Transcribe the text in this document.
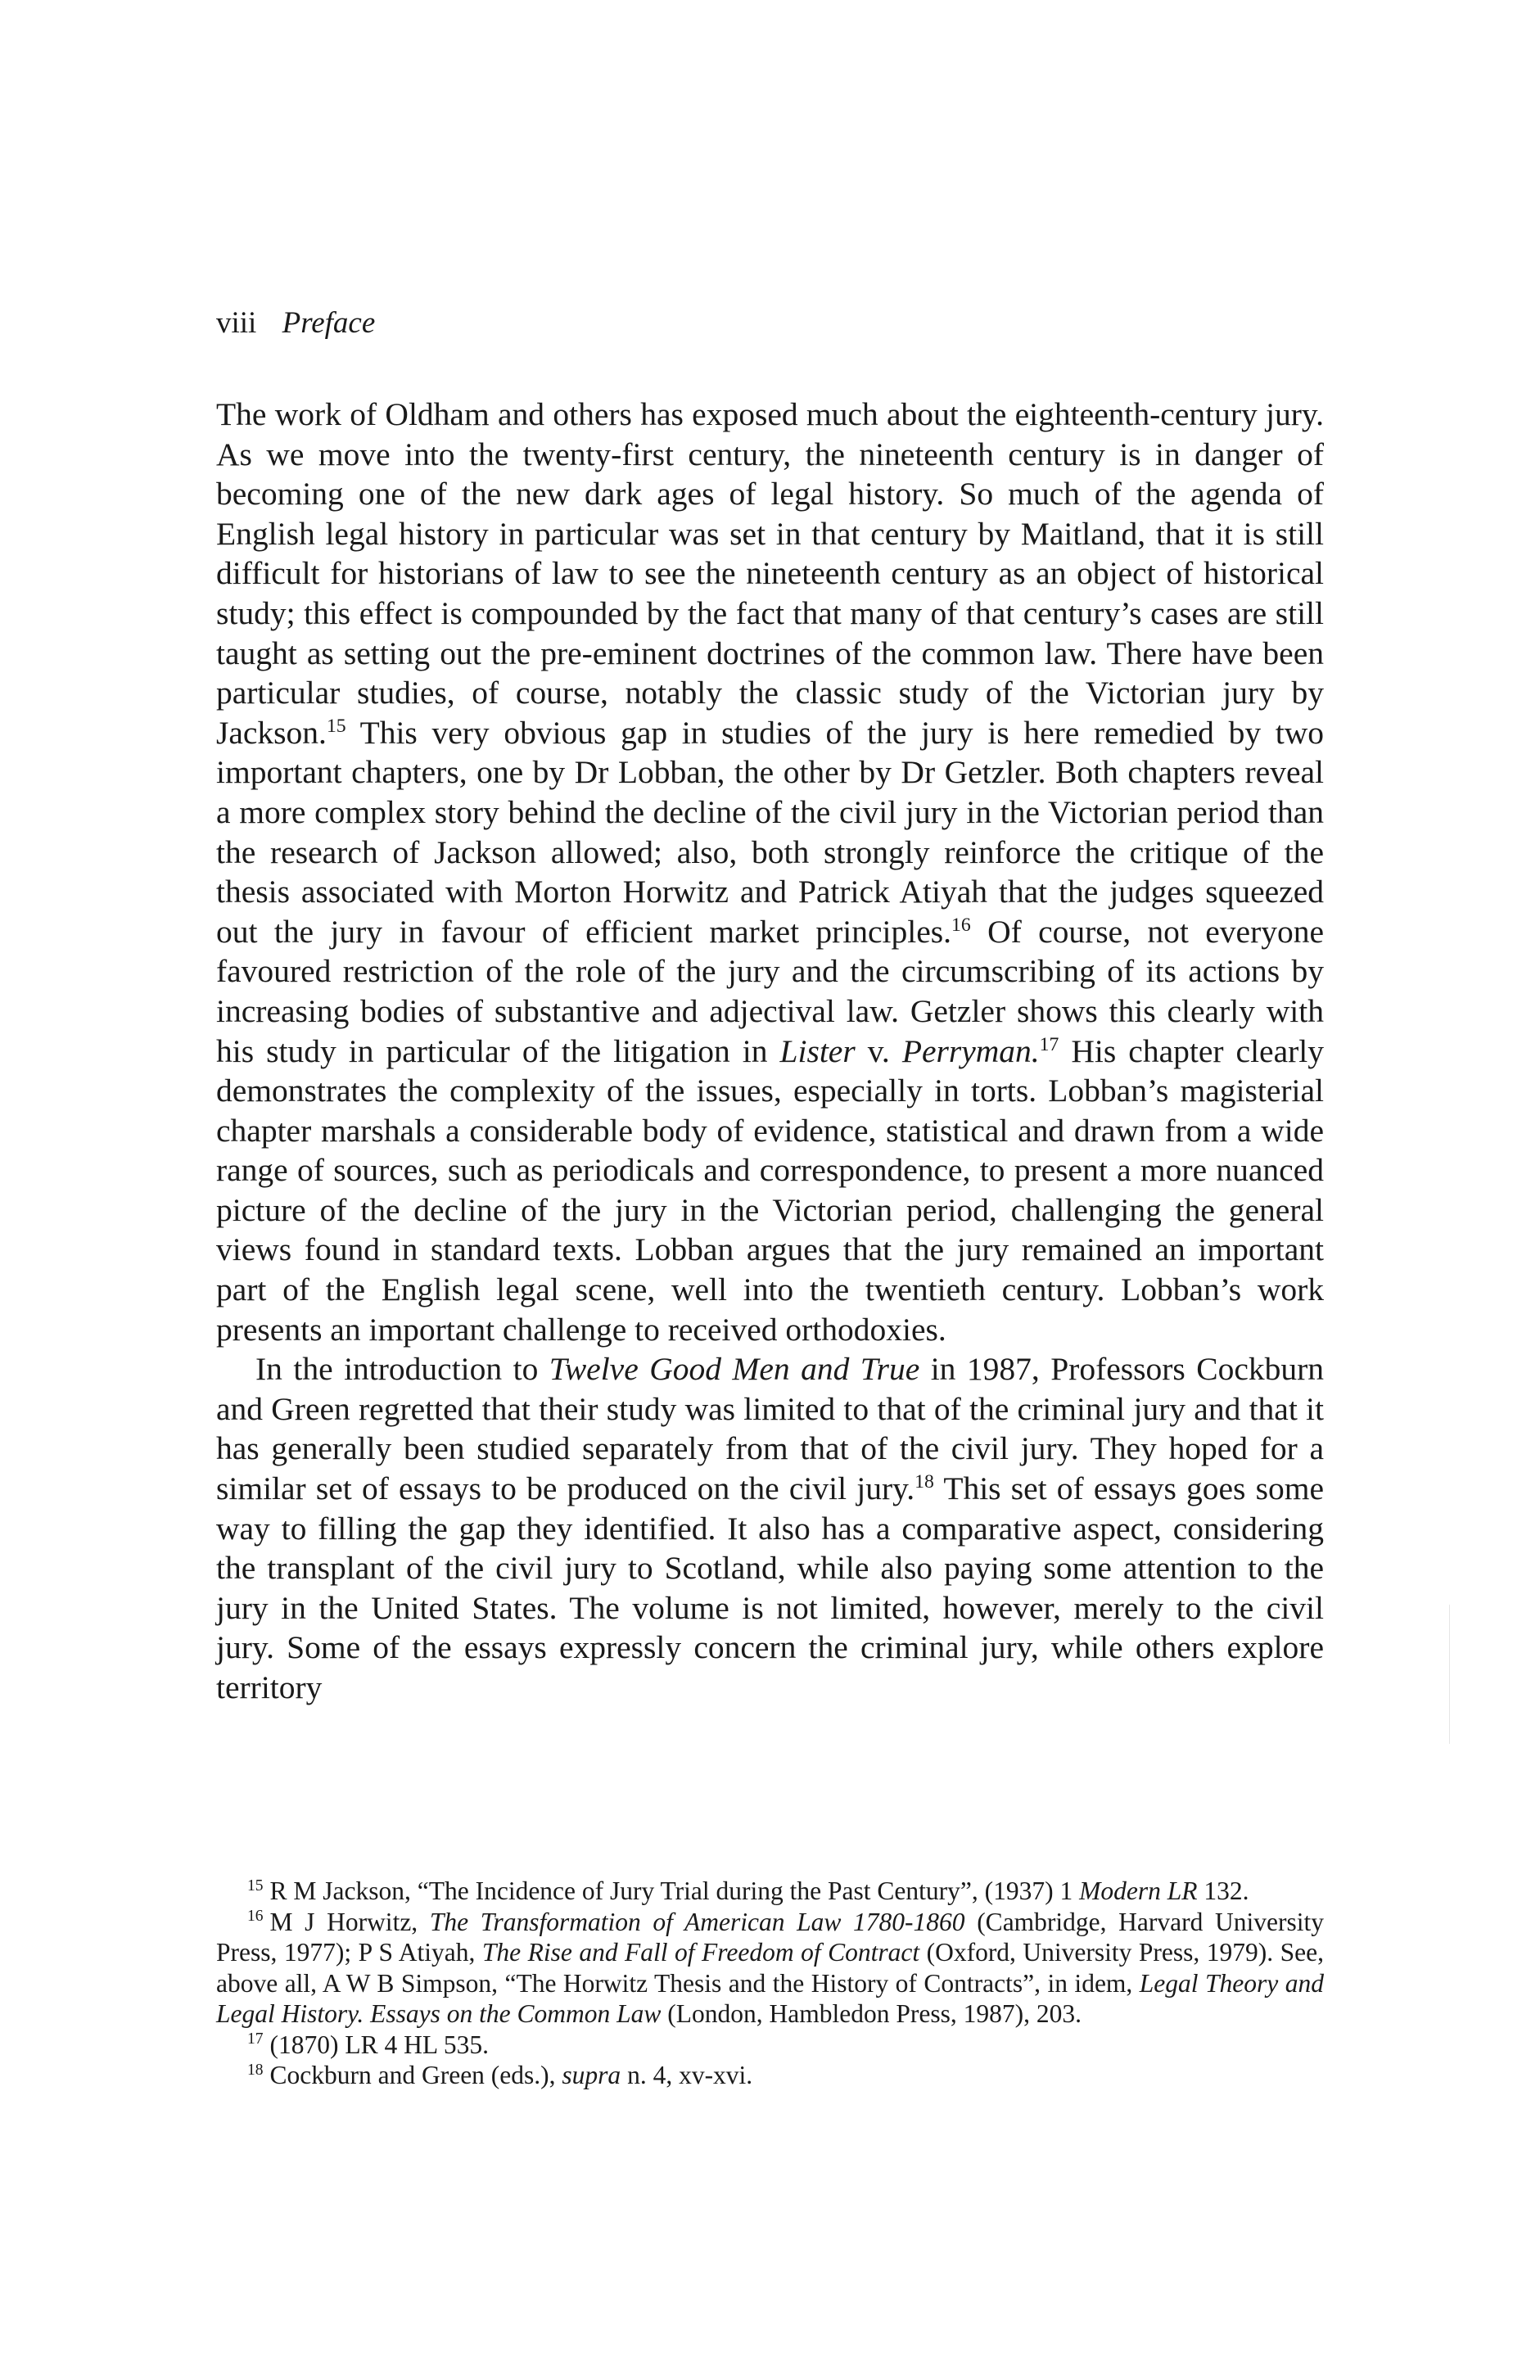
viii Preface

The work of Oldham and others has exposed much about the eighteenth-century jury. As we move into the twenty-first century, the nineteenth century is in danger of becoming one of the new dark ages of legal history. So much of the agenda of English legal history in particular was set in that century by Maitland, that it is still difficult for historians of law to see the nineteenth century as an object of historical study; this effect is compounded by the fact that many of that century’s cases are still taught as setting out the pre-eminent doctrines of the common law. There have been particular studies, of course, notably the classic study of the Victorian jury by Jackson.$^{15}$ This very obvious gap in studies of the jury is here remedied by two important chapters, one by Dr Lobban, the other by Dr Getzler. Both chapters reveal a more complex story behind the decline of the civil jury in the Victorian period than the research of Jackson allowed; also, both strongly reinforce the critique of the thesis associated with Morton Horwitz and Patrick Atiyah that the judges squeezed out the jury in favour of efficient market principles.$^{16}$ Of course, not everyone favoured restriction of the role of the jury and the circumscribing of its actions by increasing bodies of substantive and adjectival law. Getzler shows this clearly with his study in particular of the litigation in Lister v. Perryman.$^{17}$ His chapter clearly demonstrates the complexity of the issues, especially in torts. Lobban’s magisterial chapter marshals a considerable body of evidence, statistical and drawn from a wide range of sources, such as periodicals and correspondence, to present a more nuanced picture of the decline of the jury in the Victorian period, challenging the general views found in standard texts. Lobban argues that the jury remained an important part of the English legal scene, well into the twentieth century. Lobban’s work presents an important challenge to received orthodoxies.

In the introduction to Twelve Good Men and True in 1987, Professors Cockburn and Green regretted that their study was limited to that of the criminal jury and that it has generally been studied separately from that of the civil jury. They hoped for a similar set of essays to be produced on the civil jury.$^{18}$ This set of essays goes some way to filling the gap they identified. It also has a comparative aspect, considering the transplant of the civil jury to Scotland, while also paying some attention to the jury in the United States. The volume is not limited, however, merely to the civil jury. Some of the essays expressly concern the criminal jury, while others explore territory

$^{15}$ R M Jackson, “The Incidence of Jury Trial during the Past Century”, (1937) 1 Modern LR 132.

$^{16}$ M J Horwitz, The Transformation of American Law 1780-1860 (Cambridge, Harvard University Press, 1977); P S Atiyah, The Rise and Fall of Freedom of Contract (Oxford, University Press, 1979). See, above all, A W B Simpson, “The Horwitz Thesis and the History of Contracts”, in idem, Legal Theory and Legal History. Essays on the Common Law (London, Hambledon Press, 1987), 203.

$^{17}$ (1870) LR 4 HL 535.

$^{18}$ Cockburn and Green (eds.), supra n. 4, xv-xvi.
